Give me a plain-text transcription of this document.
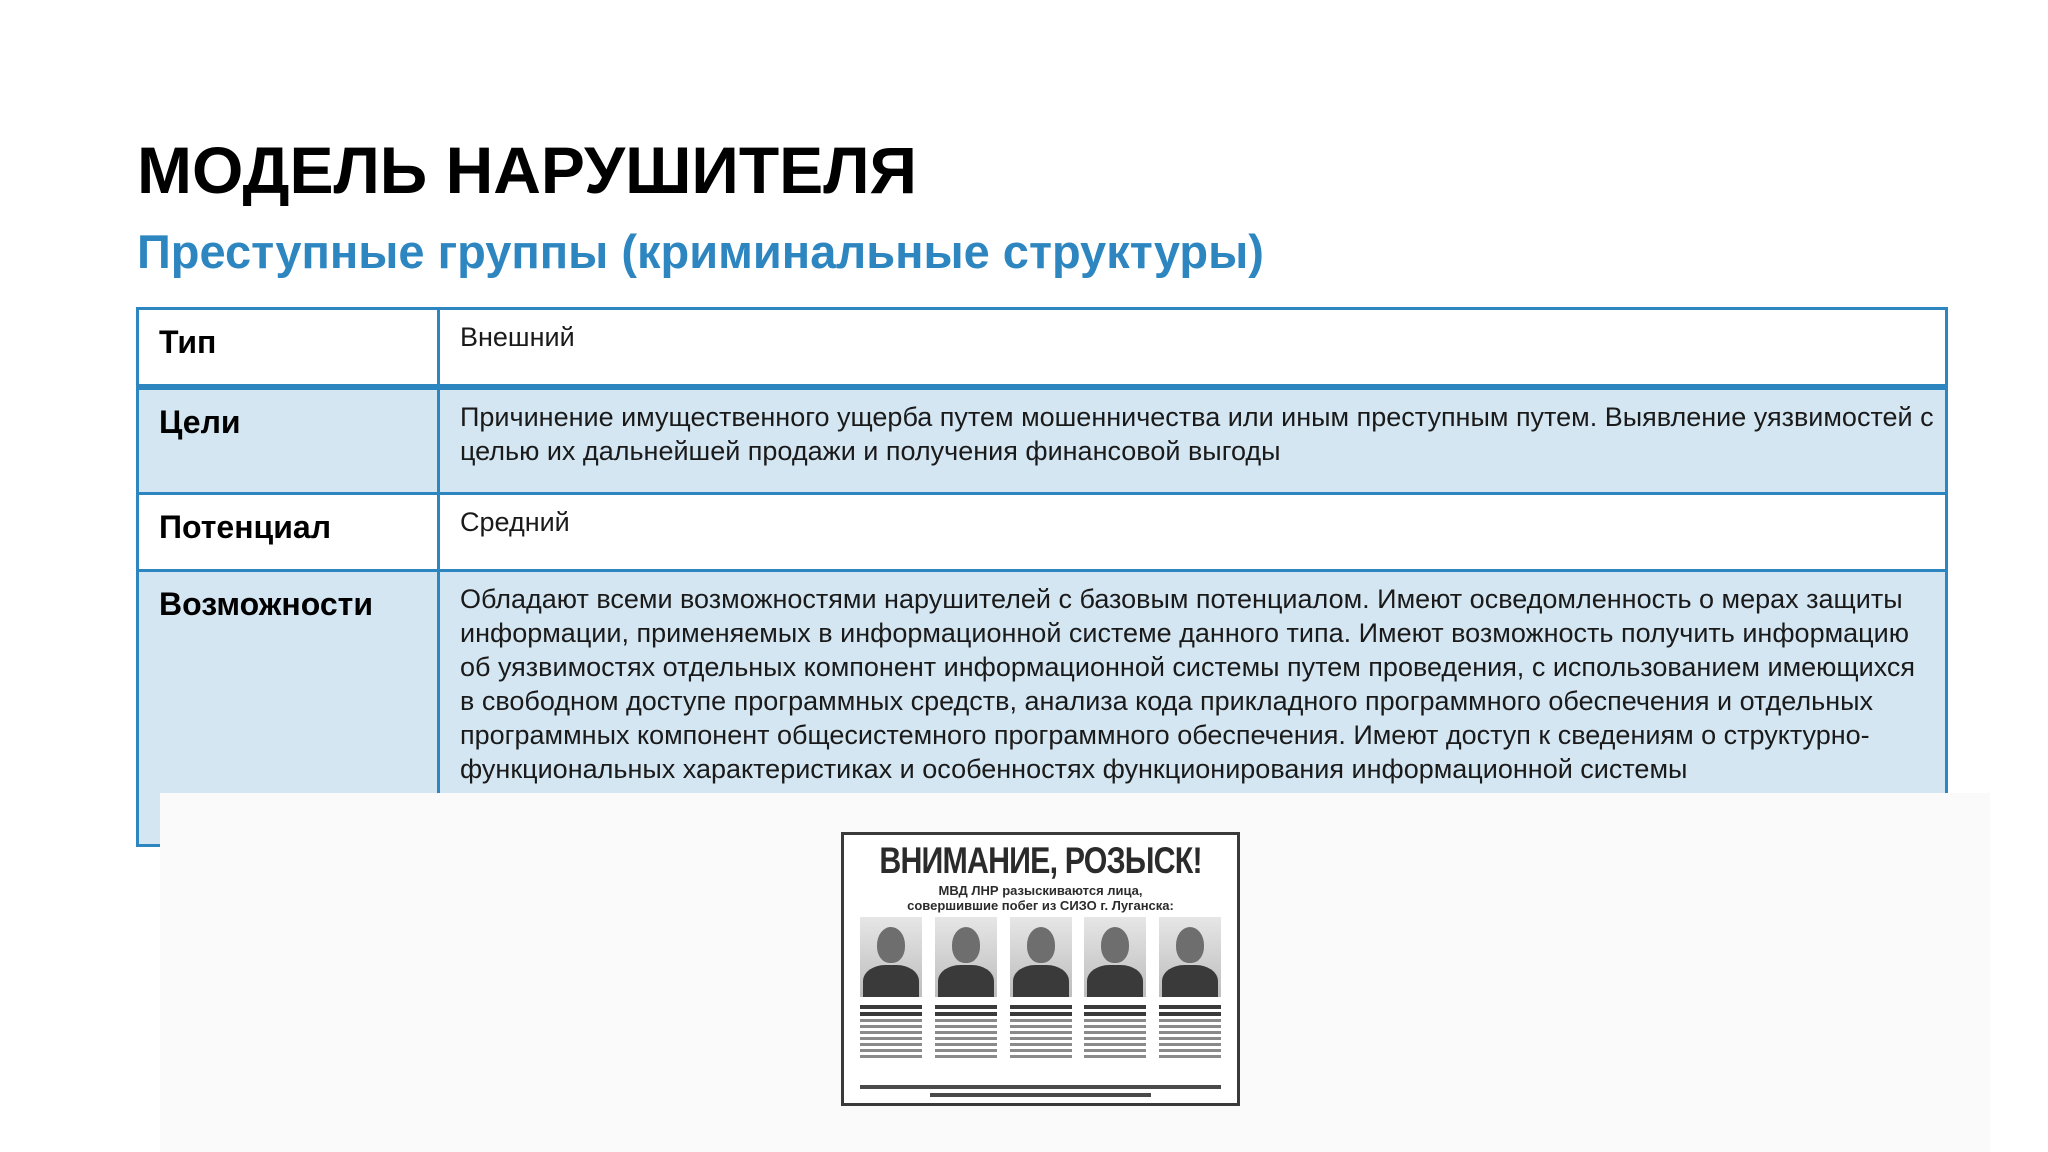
МОДЕЛЬ НАРУШИТЕЛЯ
Преступные группы (криминальные структуры)
Тип	Внешний
Цели	Причинение имущественного ущерба путем мошенничества или иным преступным путем. Выявление уязвимостей с целью их дальнейшей продажи и получения финансовой выгоды
Потенциал	Средний
Возможности	Обладают всеми возможностями нарушителей с базовым потенциалом. Имеют осведомленность о мерах защиты информации, применяемых в информационной системе данного типа. Имеют возможность получить информацию об уязвимостях отдельных компонент информационной системы путем проведения, с использованием имеющихся в свободном доступе программных средств, анализа кода прикладного программного обеспечения и отдельных программных компонент общесистемного программного обеспечения. Имеют доступ к сведениям о структурно-функциональных характеристиках и особенностях функционирования информационной системы
ВНИМАНИЕ, РОЗЫСК!
МВД ЛНР разыскиваются лица,
совершившие побег из СИЗО г. Луганска:
